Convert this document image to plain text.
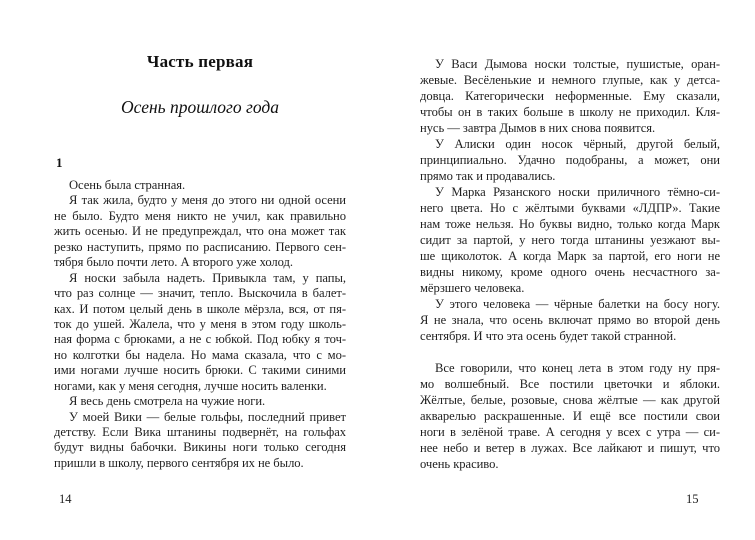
Часть первая
Осень прошлого года
1
Осень была странная.
Я так жила, будто у меня до этого ни одной осени
не было. Будто меня никто не учил, как правильно
жить осенью. И не предупреждал, что она может так
резко наступить, прямо по расписанию. Первого сен-
тября было почти лето. А второго уже холод.
Я носки забыла надеть. Привыкла там, у папы,
что раз солнце — значит, тепло. Выскочила в балет-
ках. И потом целый день в школе мёрзла, вся, от пя-
ток до ушей. Жалела, что у меня в этом году школь-
ная форма с брюками, а не с юбкой. Под юбку я точ-
но колготки бы надела. Но мама сказала, что с мо-
ими ногами лучше носить брюки. С такими синими
ногами, как у меня сегодня, лучше носить валенки.
Я весь день смотрела на чужие ноги.
У моей Вики — белые гольфы, последний привет
детству. Если Вика штанины подвернёт, на гольфах
будут видны бабочки. Викины ноги только сегодня
пришли в школу, первого сентября их не было.
У Васи Дымова носки толстые, пушистые, оран-
жевые. Весёленькие и немного глупые, как у детса-
довца. Категорически неформенные. Ему сказали,
чтобы он в таких больше в школу не приходил. Кля-
нусь — завтра Дымов в них снова появится.
У Алиски один носок чёрный, другой белый,
принципиально. Удачно подобраны, а может, они
прямо так и продавались.
У Марка Рязанского носки приличного тёмно-си-
него цвета. Но с жёлтыми буквами «ЛДПР». Такие
нам тоже нельзя. Но буквы видно, только когда Марк
сидит за партой, у него тогда штанины уезжают вы-
ше щиколоток. А когда Марк за партой, его ноги не
видны никому, кроме одного очень несчастного за-
мёрзшего человека.
У этого человека — чёрные балетки на босу ногу.
Я не знала, что осень включат прямо во второй день
сентября. И что эта осень будет такой странной.
Все говорили, что конец лета в этом году ну пря-
мо волшебный. Все постили цветочки и яблоки.
Жёлтые, белые, розовые, снова жёлтые — как другой
акварелью раскрашенные. И ещё все постили свои
ноги в зелёной траве. А сегодня у всех с утра — си-
нее небо и ветер в лужах. Все лайкают и пишут, что
очень красиво.
14	15
